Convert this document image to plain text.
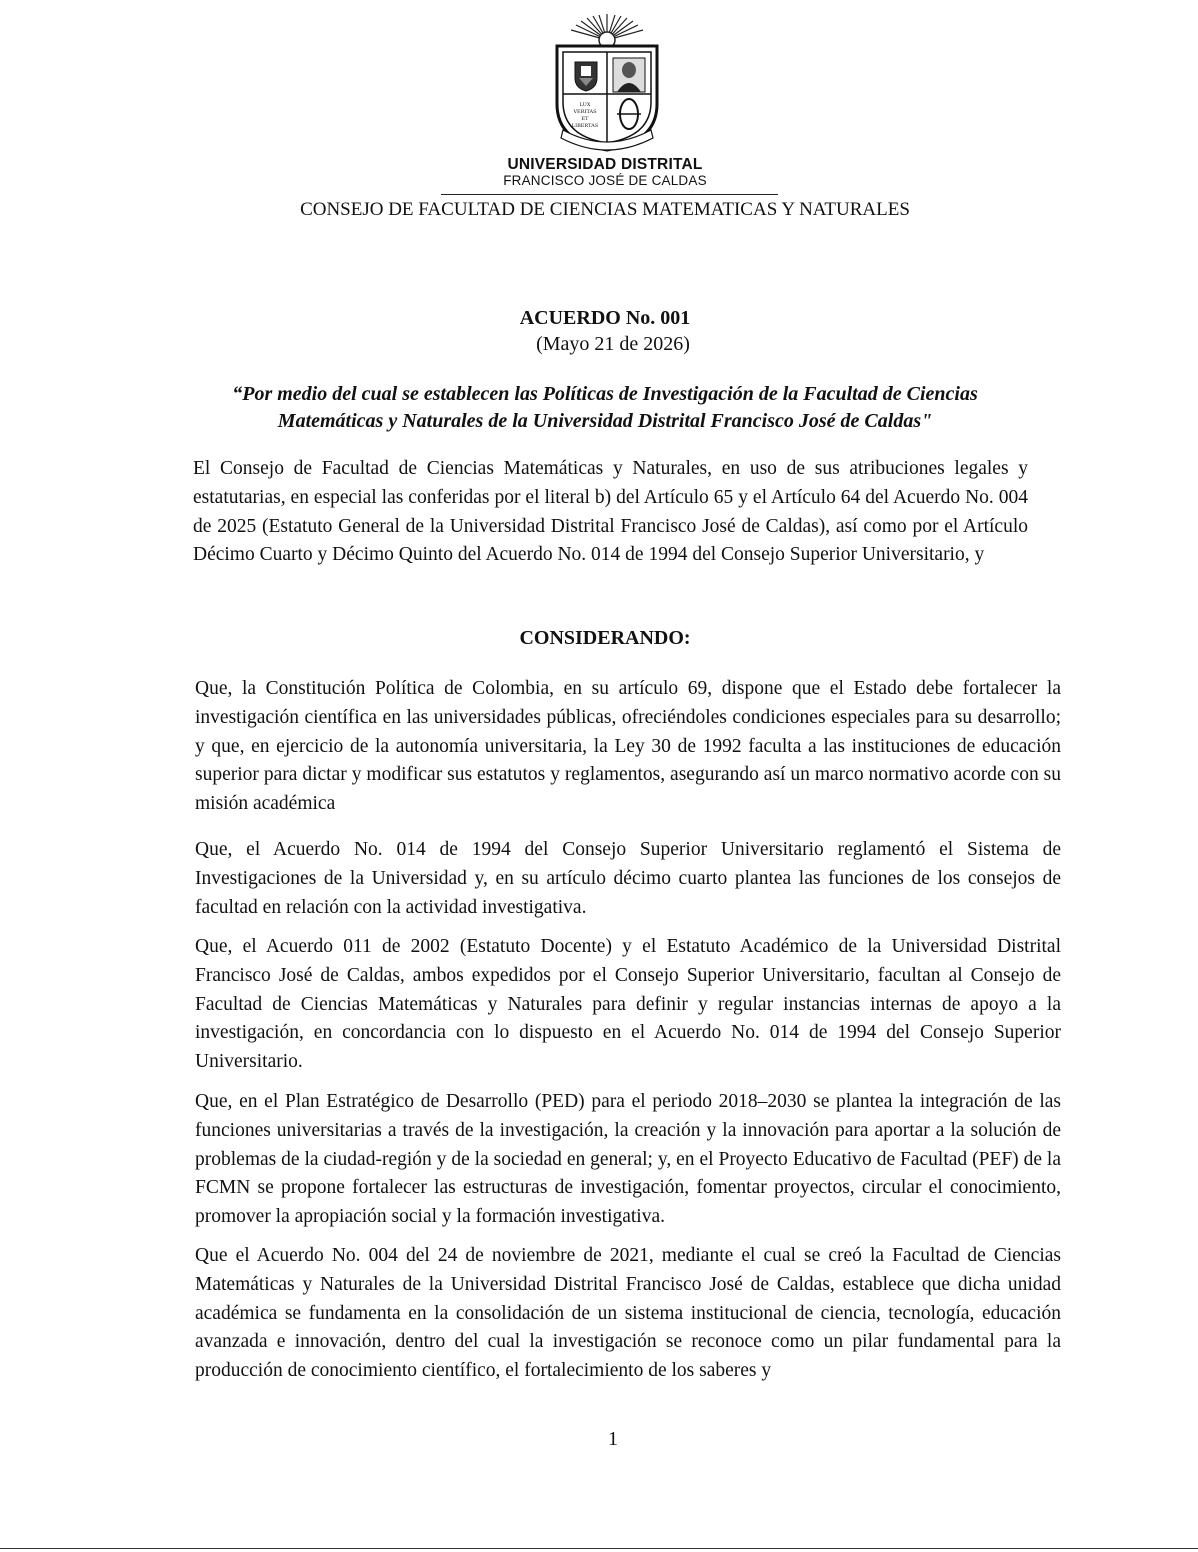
LUX
VERITAS
ET
LIBERTAS
UNIVERSIDAD DISTRITAL
FRANCISCO JOSÉ DE CALDAS
CONSEJO DE FACULTAD DE CIENCIAS MATEMATICAS Y NATURALES
ACUERDO No. 001
(Mayo 21 de 2026)
“Por medio del cual se establecen las Políticas de Investigación de la Facultad de Ciencias
Matemáticas y Naturales de la Universidad Distrital Francisco José de Caldas"

El Consejo de Facultad de Ciencias Matemáticas y Naturales, en uso de sus atribuciones legales y estatutarias, en especial las conferidas por el literal b) del Artículo 65 y el Artículo 64 del Acuerdo No. 004 de 2025 (Estatuto General de la Universidad Distrital Francisco José de Caldas), así como por el Artículo Décimo Cuarto y Décimo Quinto del Acuerdo No. 014 de 1994 del Consejo Superior Universitario, y

CONSIDERANDO:

Que, la Constitución Política de Colombia, en su artículo 69, dispone que el Estado debe fortalecer la investigación científica en las universidades públicas, ofreciéndoles condiciones especiales para su desarrollo; y que, en ejercicio de la autonomía universitaria, la Ley 30 de 1992 faculta a las instituciones de educación superior para dictar y modificar sus estatutos y reglamentos, asegurando así un marco normativo acorde con su misión académica

Que, el Acuerdo No. 014 de 1994 del Consejo Superior Universitario reglamentó el Sistema de Investigaciones de la Universidad y, en su artículo décimo cuarto plantea las funciones de los consejos de facultad en relación con la actividad investigativa.

Que, el Acuerdo 011 de 2002 (Estatuto Docente) y el Estatuto Académico de la Universidad Distrital Francisco José de Caldas, ambos expedidos por el Consejo Superior Universitario, facultan al Consejo de Facultad de Ciencias Matemáticas y Naturales para definir y regular instancias internas de apoyo a la investigación, en concordancia con lo dispuesto en el Acuerdo No. 014 de 1994 del Consejo Superior Universitario.

Que, en el Plan Estratégico de Desarrollo (PED) para el periodo 2018–2030 se plantea la integración de las funciones universitarias a través de la investigación, la creación y la innovación para aportar a la solución de problemas de la ciudad-región y de la sociedad en general; y, en el Proyecto Educativo de Facultad (PEF) de la FCMN se propone fortalecer las estructuras de investigación, fomentar proyectos, circular el conocimiento, promover la apropiación social y la formación investigativa.

Que el Acuerdo No. 004 del 24 de noviembre de 2021, mediante el cual se creó la Facultad de Ciencias Matemáticas y Naturales de la Universidad Distrital Francisco José de Caldas, establece que dicha unidad académica se fundamenta en la consolidación de un sistema institucional de ciencia, tecnología, educación avanzada e innovación, dentro del cual la investigación se reconoce como un pilar fundamental para la producción de conocimiento científico, el fortalecimiento de los saberes y

1
